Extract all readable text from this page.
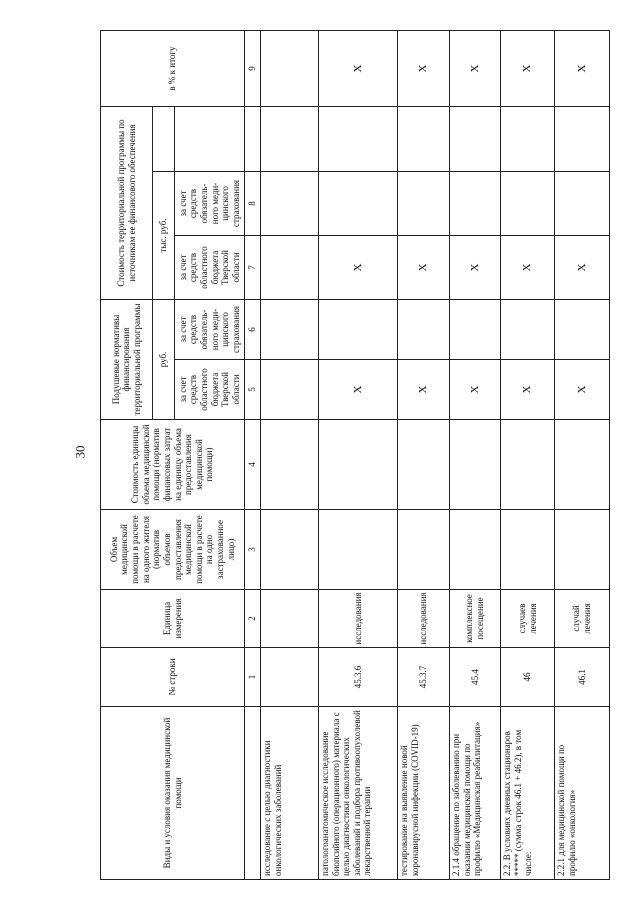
30
Виды и условия оказания медицинской помощи
№ строки
Единица измерения
Объем медицинской помощи в расчете на одного жителя (норматив объемов предоставления медицинской помощи в расчете на одно застрахованное лицо)
Стоимость единицы объема медицинской помощи (норматив финансовых затрат на единицу объема предоставления медицинской помощи)
Подушевые нормативы финансирования территориальной программы
Стоимость территориальной программы по источникам ее финансового обеспечения
в % к итогу
руб.
тыс. руб.
за счет средств областного бюджета Тверской области
за счет средств обязатель-ного меди-цинского страхования
за счет средств областного бюджета Тверской области
за счет средств обязатель-ного меди-цинского страхования
1
2
3
4
5
6
7
8
9
исследование с целью диагностики онкологических заболеваний	патологоанатомическое исследование биопсийного (операционного) материала с целью диагностики онкологических заболеваний и подбора противоопухолевой лекарственной терапии
45.3.6
исследования
X
X
X
тестирование на выявление новой коронавирусной инфекции (COVID-19)
45.3.7
исследования
X
X
X
2.1.4 обращение по заболеванию при оказании медицинской помощи по профилю «Медицинская реабилитация»
45.4
комплексное посещение
X
X
X
2.2. В условиях дневных стационаров ***** (сумма строк 46.1 + 46.2), в том числе:
46
случаев лечения
X
X
X
2.2.1 для медицинской помощи по профилю «онкология»
46.1
случай лечения
X
X
X
